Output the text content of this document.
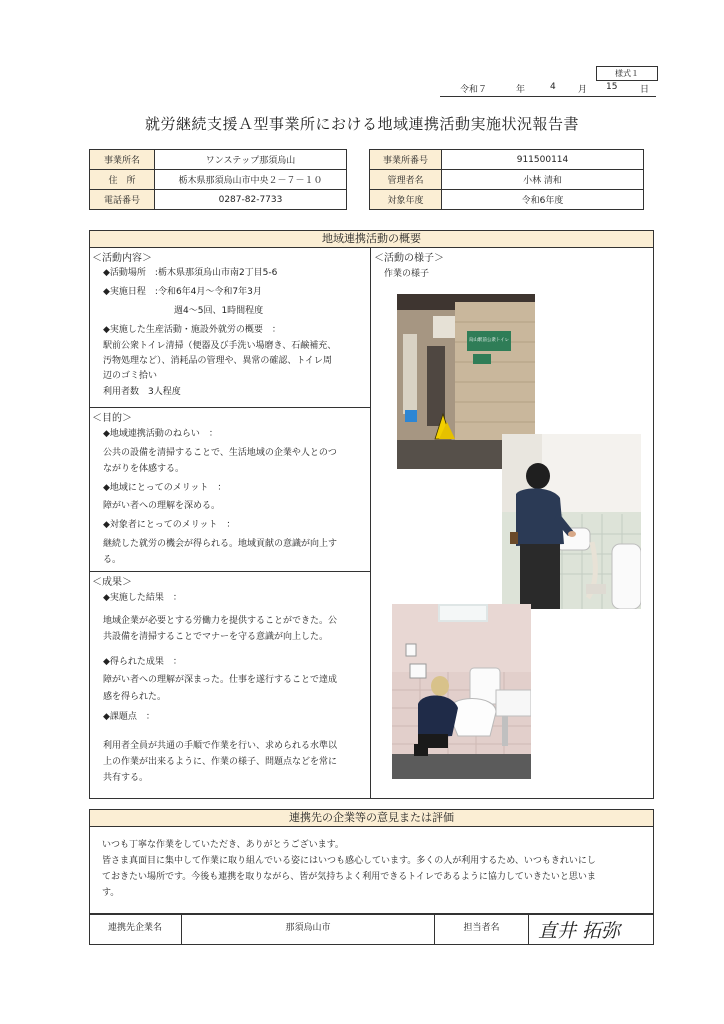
様式１
令和７	年	4 月 15	日
就労継続支援Ａ型事業所における地域連携活動実施状況報告書
事業所名	ワンステップ那須烏山
住　所	栃木県那須烏山市中央２－７－１０
電話番号	0287-82-7733
事業所番号	911500114
管理者名	小林 清和
対象年度	令和6年度
地域連携活動の概要
＜活動内容＞
◆活動場所　:栃木県那須烏山市南2丁目5-6
◆実施日程　:令和6年4月～令和7年3月
週4～5回、1時間程度
◆実施した生産活動・施設外就労の概要　：
駅前公衆トイレ清掃（便器及び手洗い場磨き、石鹸補充、
汚物処理など）、消耗品の管理や、異常の確認、トイレ周
辺のゴミ拾い
利用者数　3人程度
＜目的＞
◆地域連携活動のねらい　：
公共の設備を清掃することで、生活地域の企業や人とのつ
ながりを体感する。
◆地域にとってのメリット　：
障がい者への理解を深める。
◆対象者にとってのメリット　：
継続した就労の機会が得られる。地域貢献の意識が向上す
る。
＜成果＞
◆実施した結果　：
地域企業が必要とする労働力を提供することができた。公
共設備を清掃することでマナーを守る意識が向上した。
◆得られた成果　：
障がい者への理解が深まった。仕事を遂行することで達成
感を得られた。
◆課題点　：
利用者全員が共通の手順で作業を行い、求められる水準以
上の作業が出来るように、作業の様子、問題点などを常に
共有する。
＜活動の様子＞
作業の様子
烏山駅前公衆トイレ
連携先の企業等の意見または評価
いつも丁寧な作業をしていただき、ありがとうございます。
皆さま真面目に集中して作業に取り組んでいる姿にはいつも感心しています。多くの人が利用するため、いつもきれいにし
ておきたい場所です。今後も連携を取りながら、皆が気持ちよく利用できるトイレであるように協力していきたいと思いま
す。
連携先企業名	那須烏山市	担当者名	直井 拓弥
